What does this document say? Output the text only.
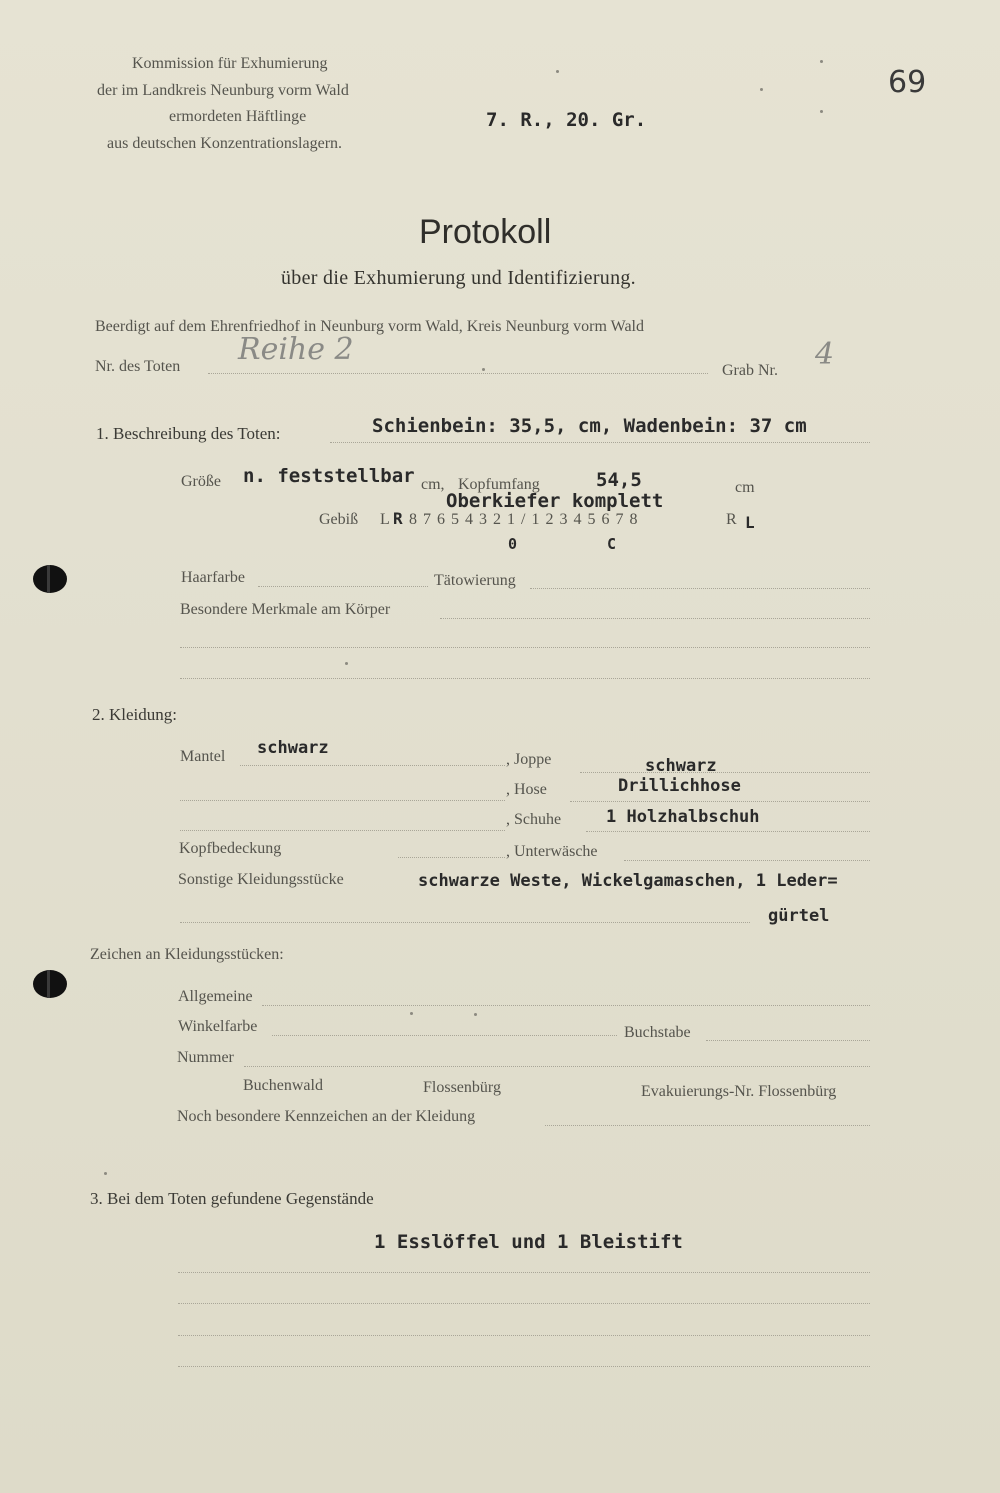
Kommission für Exhumierung
der im Landkreis Neunburg vorm Wald
ermordeten Häftlinge
aus deutschen Konzentrationslagern.
69
7. R., 20. Gr.
Protokoll
über die Exhumierung und Identifizierung.
Beerdigt auf dem Ehrenfriedhof in Neunburg vorm Wald, Kreis Neunburg vorm Wald
Nr. des Toten Reihe 2
Grab Nr. 4
1. Beschreibung des Toten:	Schienbein: 35,5, cm, Wadenbein: 37 cm
Größe n. feststellbar cm, Kopfumfang	54,5	cm
Oberkiefer komplett
Gebiß L R 8 7 6 5 4 3 2 1 / 1 2 3 4 5 6 7 8	R L
0	C
Haarfarbe	Tätowierung
Besondere Merkmale am Körper
2. Kleidung:
Mantel schwarz
, Joppe	schwarz
, Hose	Drillichhose
, Schuhe	1 Holzhalbschuh
Kopfbedeckung	, Unterwäsche
Sonstige Kleidungsstücke	schwarze Weste, Wickelgamaschen, 1 Leder=
gürtel
Zeichen an Kleidungsstücken:
Allgemeine
Winkelfarbe	Buchstabe
Nummer
Buchenwald	Flossenbürg	Evakuierungs-Nr. Flossenbürg
Noch besondere Kennzeichen an der Kleidung
3. Bei dem Toten gefundene Gegenstände
1 Esslöffel und 1 Bleistift
